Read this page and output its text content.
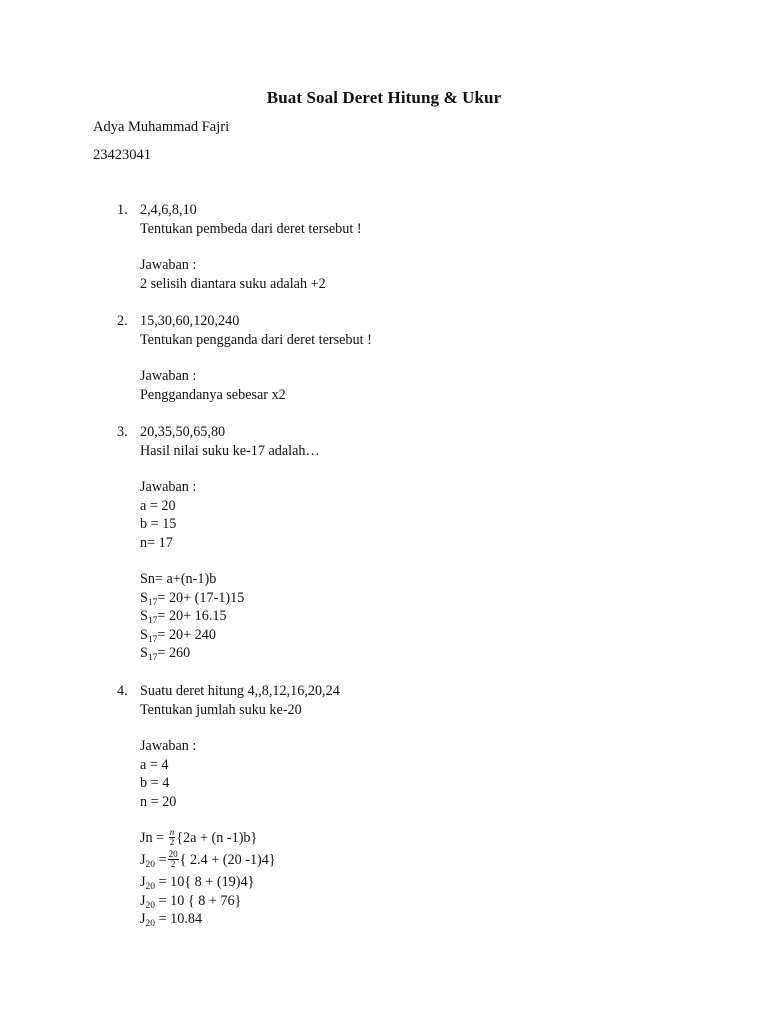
Buat Soal Deret Hitung & Ukur
Adya Muhammad Fajri
23423041
1. 2,4,6,8,10
Tentukan pembeda dari deret tersebut !
Jawaban :
2 selisih diantara suku adalah +2
2. 15,30,60,120,240
Tentukan pengganda dari deret tersebut !
Jawaban :
Penggandanya sebesar x2
3. 20,35,50,65,80
Hasil nilai suku ke-17 adalah…
Jawaban :
a = 20
b = 15
n= 17
Sn= a+(n-1)b
$S_{17}= 20+ (17-1)15$
$S_{17}= 20+ 16.15$
$S_{17}= 20+ 240$
$S_{17}= 260$
4. Suatu deret hitung 4,,8,12,16,20,24
Tentukan jumlah suku ke-20
Jawaban :
a = 4
b = 4
n = 20
$Jn = \frac{n}{2} \{2a + (n$ -1)b}
$J_{20} = \frac{20}{2}$ { 2.4 + (20 -1)4}
$J_{20} = 10${ 8 + (19)4}
$J_{20} = 10$ { 8 + 76}
$J_{20} = 10.84$
